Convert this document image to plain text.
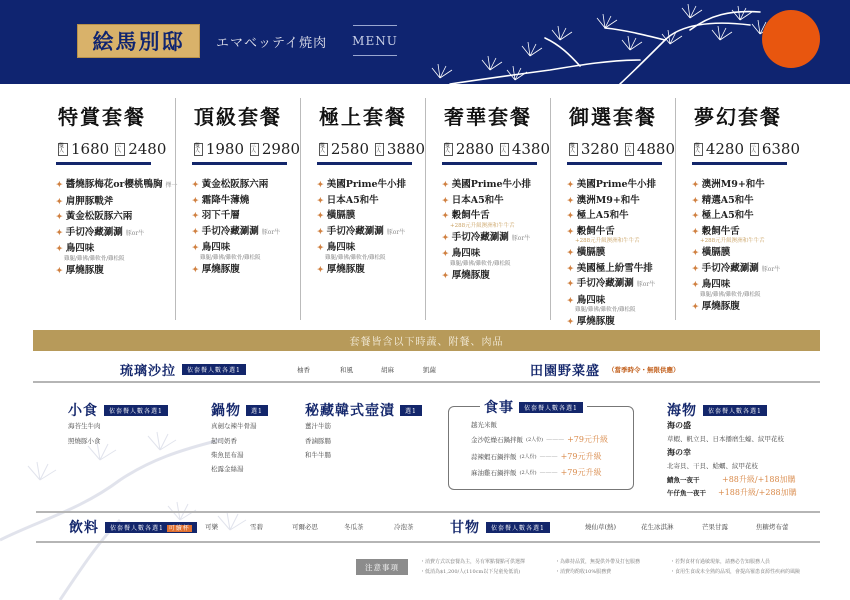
絵馬別邸	エマベッテイ焼肉 MENU
特賞套餐
雙人 1680 三人 2480
✦ 醬燒豚梅花or櫻桃鴨胸 擇一
✦ 肩胛豚戰斧
✦ 黃金松阪豚六兩
✦ 手切冷藏涮涮 豚or牛
✦ 鳥四味
雞腿/雞佛/雞軟骨/雞松阪
✦ 厚燒豚腹
頂級套餐
雙人 1980 三人 2980
✦ 黃金松阪豚六兩
✦ 霜降牛薄燒
✦ 羽下千層
✦ 手切冷藏涮涮 豚or牛
✦ 鳥四味
雞腿/雞佛/雞軟骨/雞松阪
✦ 厚燒豚腹
極上套餐
雙人 2580 三人 3880
✦ 美國Prime牛小排
✦ 日本A5和牛
✦ 橫膈膜
✦ 手切冷藏涮涮 豚or牛
✦ 鳥四味
雞腿/雞佛/雞軟骨/雞松阪
✦ 厚燒豚腹
奢華套餐
雙人 2880 三人 4380
✦ 美國Prime牛小排
✦ 日本A5和牛
✦ 穀飼牛舌
+288元升級澳洲和牛牛舌
✦ 手切冷藏涮涮 豚or牛
✦ 鳥四味
雞腿/雞佛/雞軟骨/雞松阪
✦ 厚燒豚腹
御選套餐
雙人 3280 三人 4880
✦ 美國Prime牛小排
✦ 澳洲M9+和牛
✦ 極上A5和牛
✦ 穀飼牛舌
+288元升級澳洲和牛牛舌
✦ 橫膈膜
✦ 美國極上紛雪牛排
✦ 手切冷藏涮涮 豚or牛
✦ 鳥四味
雞腿/雞佛/雞軟骨/雞松阪
✦ 厚燒豚腹
夢幻套餐
雙人 4280 三人 6380
✦ 澳洲M9+和牛
✦ 精選A5和牛
✦ 極上A5和牛
✦ 穀飼牛舌
+288元升級澳洲和牛牛舌
✦ 橫膈膜
✦ 手切冷藏涮涮 豚or牛
✦ 鳥四味
雞腿/雞佛/雞軟骨/雞松阪
✦ 厚燒豚腹
套餐皆含以下時蔬、附餐、肉品
琉璃沙拉	依套餐人數各選1	柚香	和風	胡麻	凱薩	田園野菜盛 （當季時令・無限供應）
小食	依套餐人數各選1
海苔生牛肉
照燒豚小食
鍋物	選1
真劍な辣牛骨湯
起司奶香
柴魚昆布湯
松露金絲湯
秘藏韓式壺漬	選1
薑汁牛筋
香滷豚腸
和牛牛腸
食事	依套餐人數各選1
越光米飯
金沙乾燥石鍋拌飯 (2人份) ——— +79元升級
蒜辣蝦石鍋拌飯 (2人份) ——— +79元升級
麻油雞石鍋拌飯 (2人份) ——— +79元升級
海物	依套餐人數各選1
海の盛
草蝦、帆立貝、日本播磨生蠔、紋甲花枝
海の幸
北寄貝、干貝、蛤蠣、紋甲花枝
鯖魚一夜干	+88升級/+188加購
午仔魚一夜干 +188升級/+288加購
飲料	依套餐人數各選1 可續杯	可樂	雪碧	可爾必思	冬瓜茶	冷泡茶	甘物	依套餐人數各選1	燒仙草(熱)	花生冰淇淋	芒果甘露	焦糖烤布蕾
注意事項
・消費方式以套餐為主，另有單點餐點可供選擇
・低消為$1,200/人(110cm以下兒童免低消)
・為維持品質，無提供外帶及打包服務
・消費均酌收10%服務費
・若對食材有過敏現象，請務必告知服務人員
・食用生食或未全熟的品項，會提高罹患食源性疾病的風險
